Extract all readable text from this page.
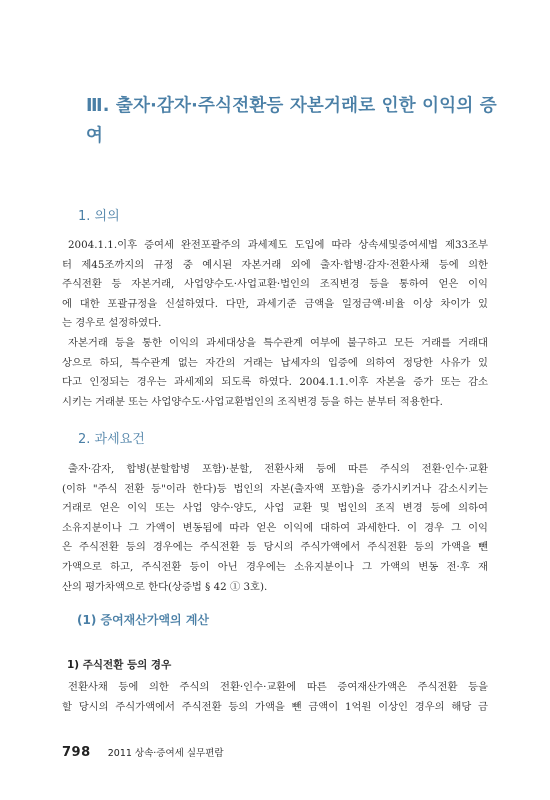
Ⅲ. 출자·감자·주식전환등 자본거래로 인한 이익의 증여
1. 의의

2004.1.1.이후 증여세 완전포괄주의 과세제도 도입에 따라 상속세및증여세법 제33조부
터 제45조까지의 규정 중 예시된 자본거래 외에 출자·합병·감자·전환사채 등에 의한
주식전환 등 자본거래, 사업양수도·사업교환·법인의 조직변경 등을 통하여 얻은 이익
에 대한 포괄규정을 신설하였다. 다만, 과세기준 금액을 일정금액·비율 이상 차이가 있
는 경우로 설정하였다.

자본거래 등을 통한 이익의 과세대상을 특수관계 여부에 불구하고 모든 거래를 거래대
상으로 하되, 특수관계 없는 자간의 거래는 납세자의 입증에 의하여 정당한 사유가 있
다고 인정되는 경우는 과세제외 되도록 하였다. 2004.1.1.이후 자본을 증가 또는 감소
시키는 거래분 또는 사업양수도·사업교환법인의 조직변경 등을 하는 분부터 적용한다.

2. 과세요건

출자·감자, 합병(분할합병 포함)·분할, 전환사채 등에 따른 주식의 전환·인수·교환
(이하 "주식 전환 등"이라 한다)등 법인의 자본(출자액 포함)을 증가시키거나 감소시키는
거래로 얻은 이익 또는 사업 양수·양도, 사업 교환 및 법인의 조직 변경 등에 의하여
소유지분이나 그 가액이 변동됨에 따라 얻은 이익에 대하여 과세한다. 이 경우 그 이익
은 주식전환 등의 경우에는 주식전환 등 당시의 주식가액에서 주식전환 등의 가액을 뺀
가액으로 하고, 주식전환 등이 아닌 경우에는 소유지분이나 그 가액의 변동 전·후 재
산의 평가차액으로 한다(상증법 § 42 ① 3호).

(1) 증여재산가액의 계산
1) 주식전환 등의 경우

전환사채 등에 의한 주식의 전환·인수·교환에 따른 증여재산가액은 주식전환 등을
할 당시의 주식가액에서 주식전환 등의 가액을 뺀 금액이 1억원 이상인 경우의 해당 금

798 2011 상속·증여세 실무편람
